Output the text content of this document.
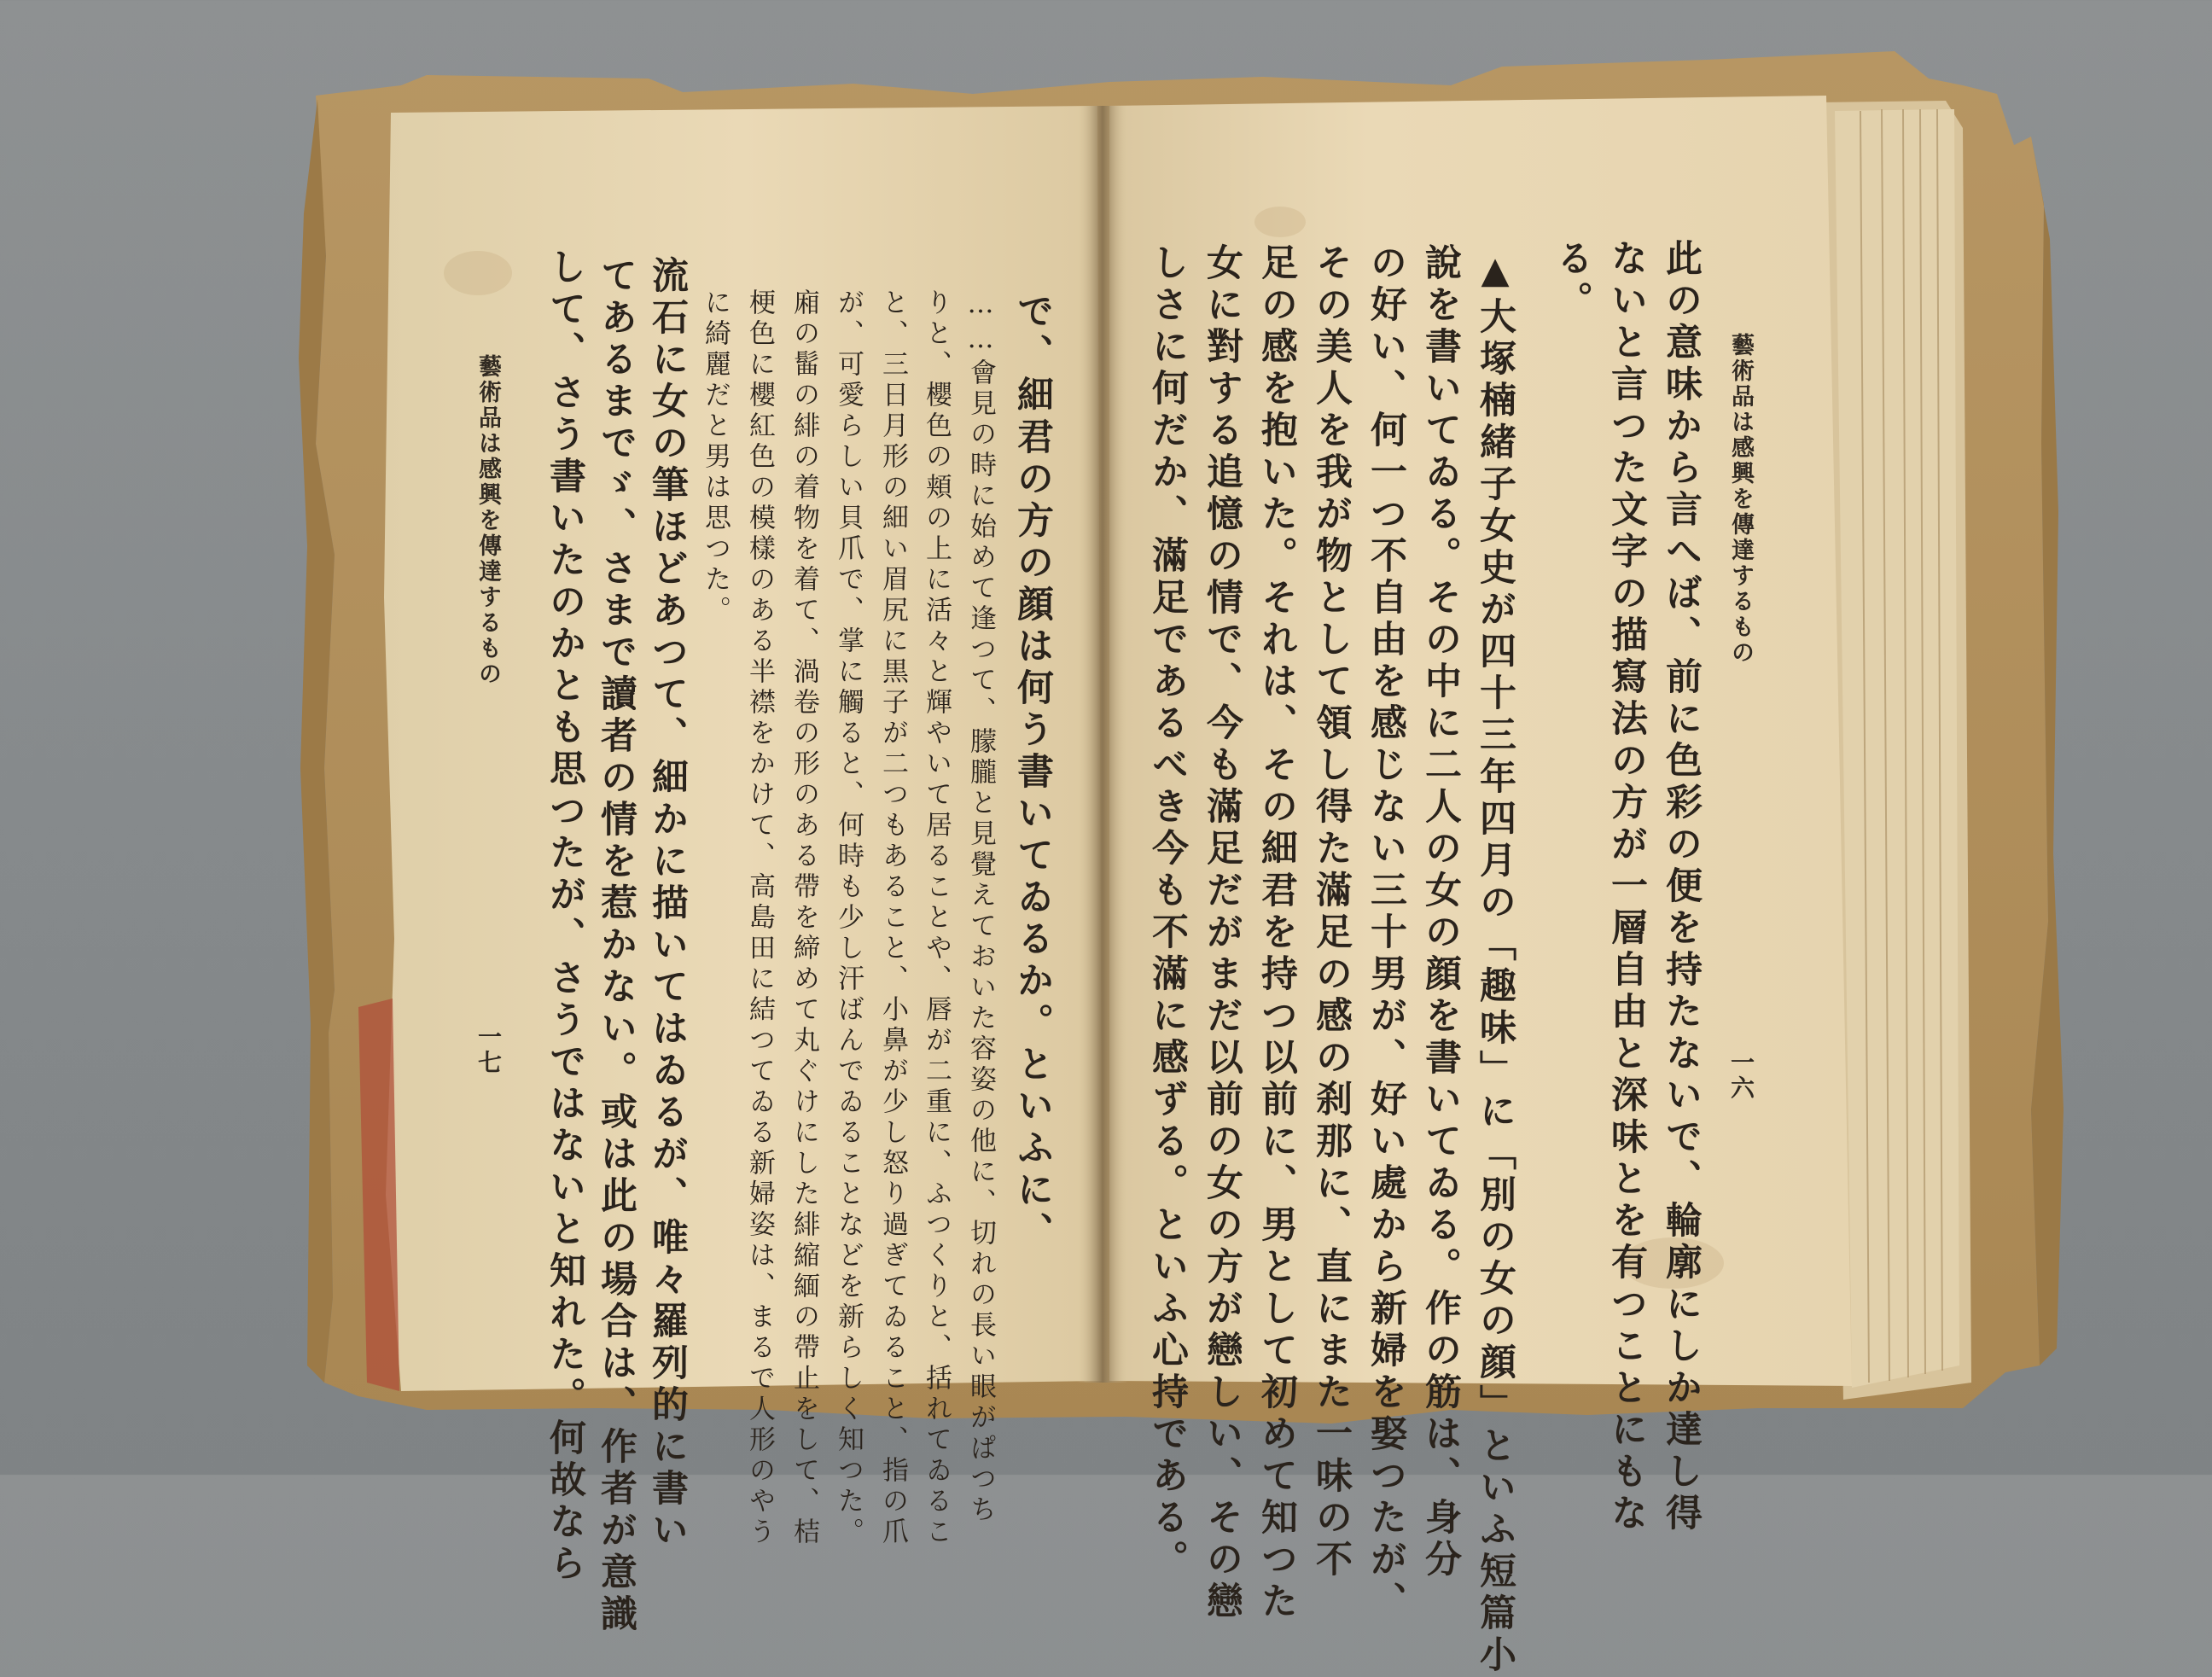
藝術品は感興を傳達するもの	藝術品は感興を傳達するもの
一七	一六
で、細君の方の顔は何う書いてゐるか。といふに、
……會見の時に始めて逢つて、朦朧と見覺えておいた容姿の他に、切れの長い眼がぱつち
りと、櫻色の頬の上に活々と輝やいて居ることや、唇が二重に、ふつくりと、括れてゐるこ
と、三日月形の細い眉尻に黒子が二つもあること、小鼻が少し怒り過ぎてゐること、指の爪
が、可愛らしい貝爪で、掌に觸ると、何時も少し汗ばんでゐることなどを新らしく知つた。
廂の髷の緋の着物を着て、渦卷の形のある帶を締めて丸ぐけにした緋縮緬の帶止をして、桔
梗色に櫻紅色の模樣のある半襟をかけて、高島田に結つてゐる新婦姿は、まるで人形のやう
に綺麗だと男は思つた。
流石に女の筆ほどあつて、細かに描いてはゐるが、唯々羅列的に書い
てあるまでゞ、さまで讀者の情を惹かない。或は此の場合は、作者が意識
して、さう書いたのかとも思つたが、さうではないと知れた。何故なら	此の意味から言へば、前に色彩の便を持たないで、輪廓にしか達し得
ないと言つた文字の描寫法の方が一層自由と深味とを有つことにもな
る。
▲大塚楠緒子女史が四十三年四月の「趣味」に「別の女の顔」といふ短篇小
說を書いてゐる。その中に二人の女の顔を書いてゐる。作の筋は、身分
の好い、何一つ不自由を感じない三十男が、好い處から新婦を娶つたが、
その美人を我が物として領し得た滿足の感の刹那に、直にまた一味の不
足の感を抱いた。それは、その細君を持つ以前に、男として初めて知つた
女に對する追憶の情で、今も滿足だがまだ以前の女の方が戀しい、その戀
しさに何だか、滿足であるべき今も不滿に感ずる。といふ心持である。
